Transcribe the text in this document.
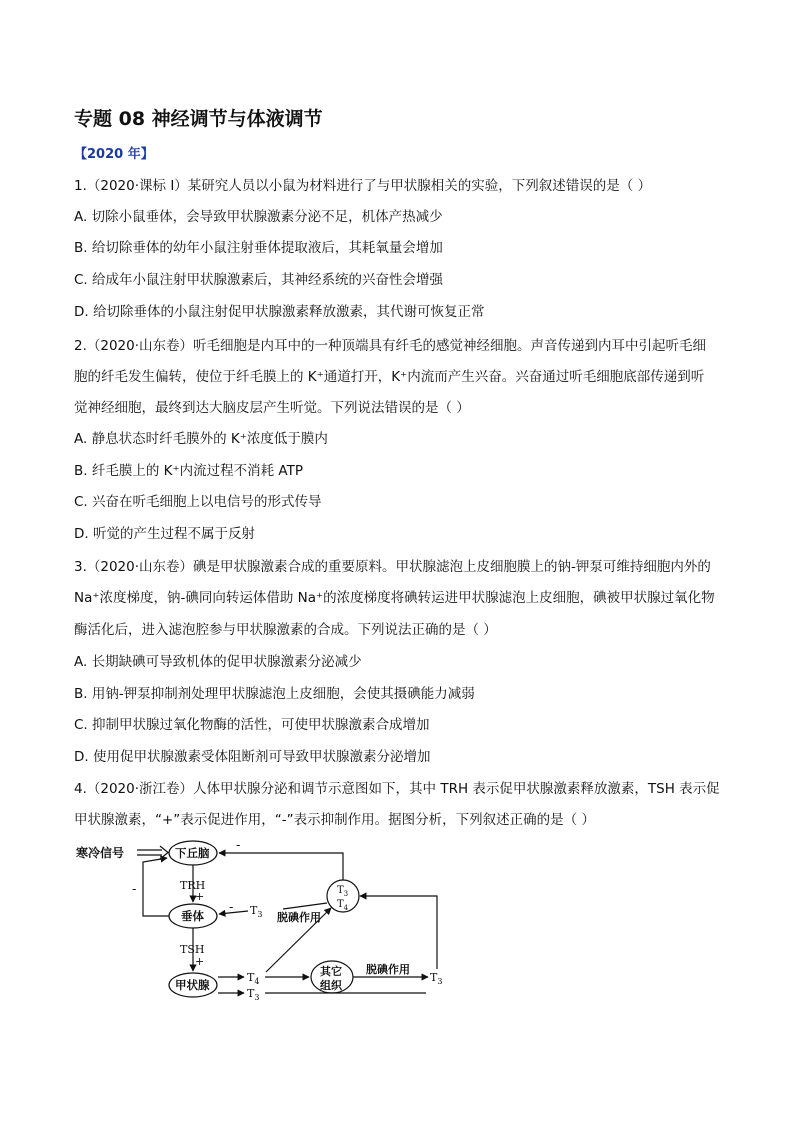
专题 08 神经调节与体液调节
【2020 年】
1.（2020·课标 Ⅰ）某研究人员以小鼠为材料进行了与甲状腺相关的实验，下列叙述错误的是（ ）
A. 切除小鼠垂体，会导致甲状腺激素分泌不足，机体产热减少
B. 给切除垂体的幼年小鼠注射垂体提取液后，其耗氧量会增加
C. 给成年小鼠注射甲状腺激素后，其神经系统的兴奋性会增强
D. 给切除垂体的小鼠注射促甲状腺激素释放激素，其代谢可恢复正常
2.（2020·山东卷）听毛细胞是内耳中的一种顶端具有纤毛的感觉神经细胞。声音传递到内耳中引起听毛细
胞的纤毛发生偏转，使位于纤毛膜上的 K⁺通道打开，K⁺内流而产生兴奋。兴奋通过听毛细胞底部传递到听
觉神经细胞，最终到达大脑皮层产生听觉。下列说法错误的是（ ）
A. 静息状态时纤毛膜外的 K⁺浓度低于膜内
B. 纤毛膜上的 K⁺内流过程不消耗 ATP
C. 兴奋在听毛细胞上以电信号的形式传导
D. 听觉的产生过程不属于反射
3.（2020·山东卷）碘是甲状腺激素合成的重要原料。甲状腺滤泡上皮细胞膜上的钠-钾泵可维持细胞内外的
Na⁺浓度梯度，钠-碘同向转运体借助 Na⁺的浓度梯度将碘转运进甲状腺滤泡上皮细胞，碘被甲状腺过氧化物
酶活化后，进入滤泡腔参与甲状腺激素的合成。下列说法正确的是（ ）
A. 长期缺碘可导致机体的促甲状腺激素分泌减少
B. 用钠-钾泵抑制剂处理甲状腺滤泡上皮细胞，会使其摄碘能力减弱
C. 抑制甲状腺过氧化物酶的活性，可使甲状腺激素合成增加
D. 使用促甲状腺激素受体阻断剂可导致甲状腺激素分泌增加
4.（2020·浙江卷）人体甲状腺分泌和调节示意图如下，其中 TRH 表示促甲状腺激素释放激素，TSH 表示促
甲状腺激素，“+”表示促进作用，“-”表示抑制作用。据图分析，下列叙述正确的是（ ）
寒冷信号	下丘脑
垂体
甲状腺
其它
组织
TRH
+
TSH
+
-
-
-
$T_3$
$T_4$
$T_3$ 脱碘作用
$T_4$
$T_3$
脱碘作用
$T_3$
